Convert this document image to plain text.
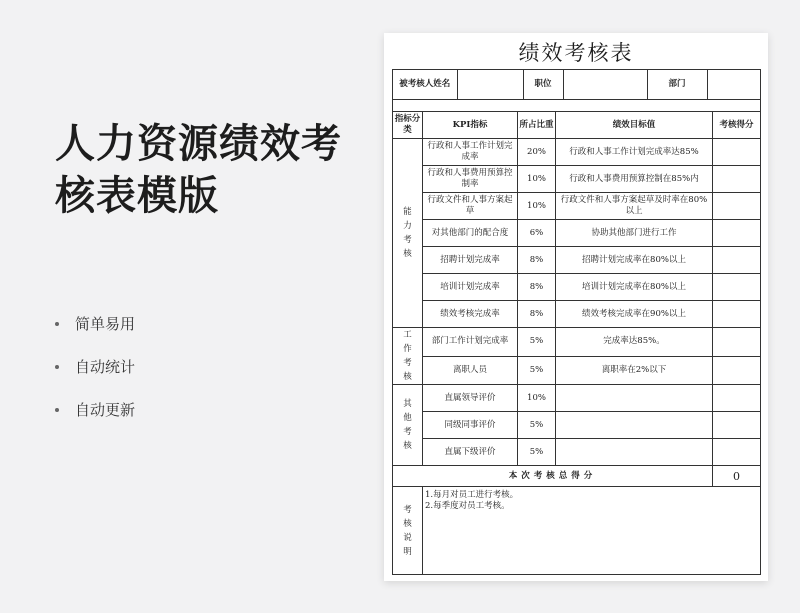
人力资源绩效考核表模版
简单易用
自动统计
自动更新
绩效考核表
被考核人姓名		职位		部门	

指标分类	KPI指标	所占比重	绩效目标值	考核得分
能
力
考
核	行政和人事工作计划完成率	20%	行政和人事工作计划完成率达85%	
行政和人事费用预算控制率	10%	行政和人事费用预算控制在85%内	
行政文件和人事方案起草	10%	行政文件和人事方案起草及时率在80%以上	
对其他部门的配合度	6%	协助其他部门进行工作	
招聘计划完成率	8%	招聘计划完成率在80%以上	
培训计划完成率	8%	培训计划完成率在80%以上	
绩效考核完成率	8%	绩效考核完成率在90%以上	
工
作
考
核	部门工作计划完成率	5%	完成率达85%。	
离职人员	5%	离职率在2%以下	
其
他
考
核	直属领导评价	10%		
同级同事评价	5%		
直属下级评价	5%		
本次考核总得分	0
考
核
说
明	
1.每月对员工进行考核。
2.每季度对员工考核。
